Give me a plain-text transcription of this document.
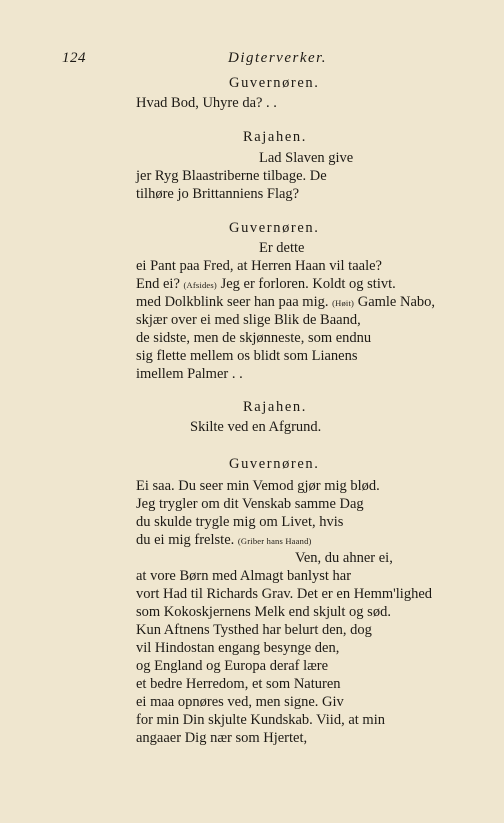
124	Digterverker.
Guvernøren.
Hvad Bod, Uhyre da? . .
Rajahen.
Lad Slaven give
jer Ryg Blaastriberne tilbage. De
tilhøre jo Brittanniens Flag?
Guvernøren.
Er dette
ei Pant paa Fred, at Herren Haan vil taale?
End ei? (Afsides) Jeg er forloren. Koldt og stivt.
med Dolkblink seer han paa mig. (Høit) Gamle Nabo,
skjær over ei med slige Blik de Baand,
de sidste, men de skjønneste, som endnu
sig flette mellem os blidt som Lianens
imellem Palmer . .
Rajahen.
Skilte ved en Afgrund.
Guvernøren.
Ei saa. Du seer min Vemod gjør mig blød.
Jeg trygler om dit Venskab samme Dag
du skulde trygle mig om Livet, hvis
du ei mig frelste. (Griber hans Haand)
Ven, du ahner ei,
at vore Børn med Almagt banlyst har
vort Had til Richards Grav. Det er en Hemm'lighed
som Kokoskjernens Melk end skjult og sød.
Kun Aftnens Tysthed har belurt den, dog
vil Hindostan engang besynge den,
og England og Europa deraf lære
et bedre Herredom, et som Naturen
ei maa opnøres ved, men signe. Giv
for min Din skjulte Kundskab. Viid, at min
angaaer Dig nær som Hjertet,
